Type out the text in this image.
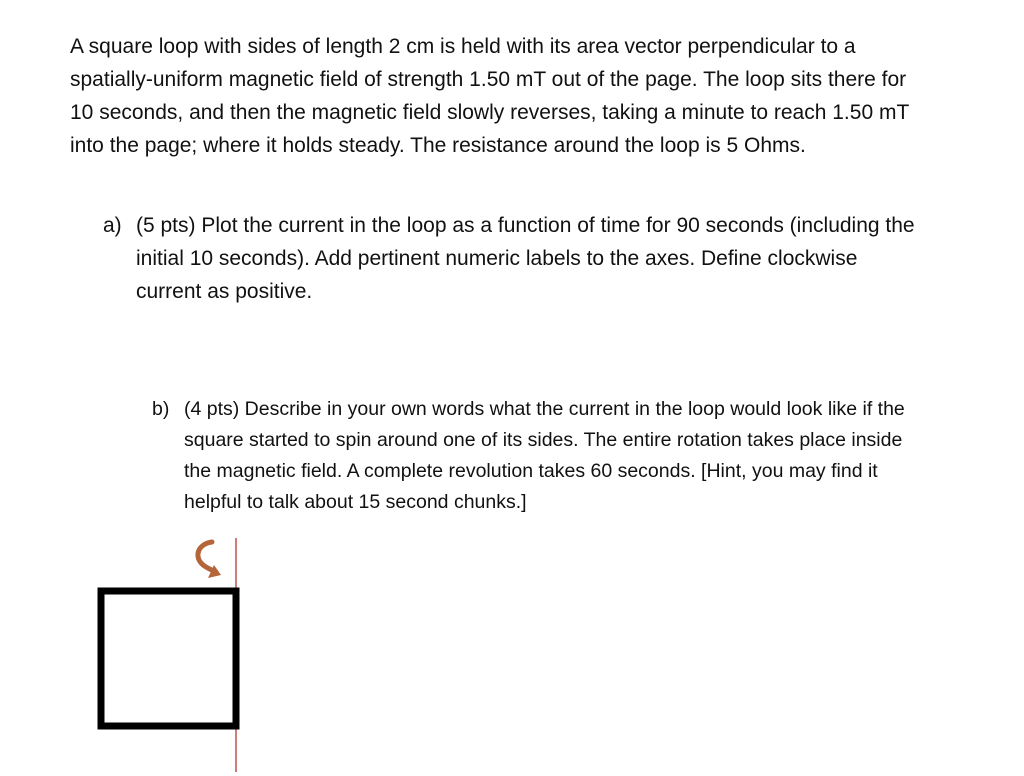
A square loop with sides of length 2 cm is held with its area vector perpendicular to a spatially-uniform magnetic field of strength 1.50 mT out of the page. The loop sits there for 10 seconds, and then the magnetic field slowly reverses, taking a minute to reach 1.50 mT into the page; where it holds steady. The resistance around the loop is 5 Ohms.

a) (5 pts) Plot the current in the loop as a function of time for 90 seconds (including the initial 10 seconds). Add pertinent numeric labels to the axes. Define clockwise current as positive.
b) (4 pts) Describe in your own words what the current in the loop would look like if the square started to spin around one of its sides. The entire rotation takes place inside the magnetic field. A complete revolution takes 60 seconds. [Hint, you may find it helpful to talk about 15 second chunks.]
